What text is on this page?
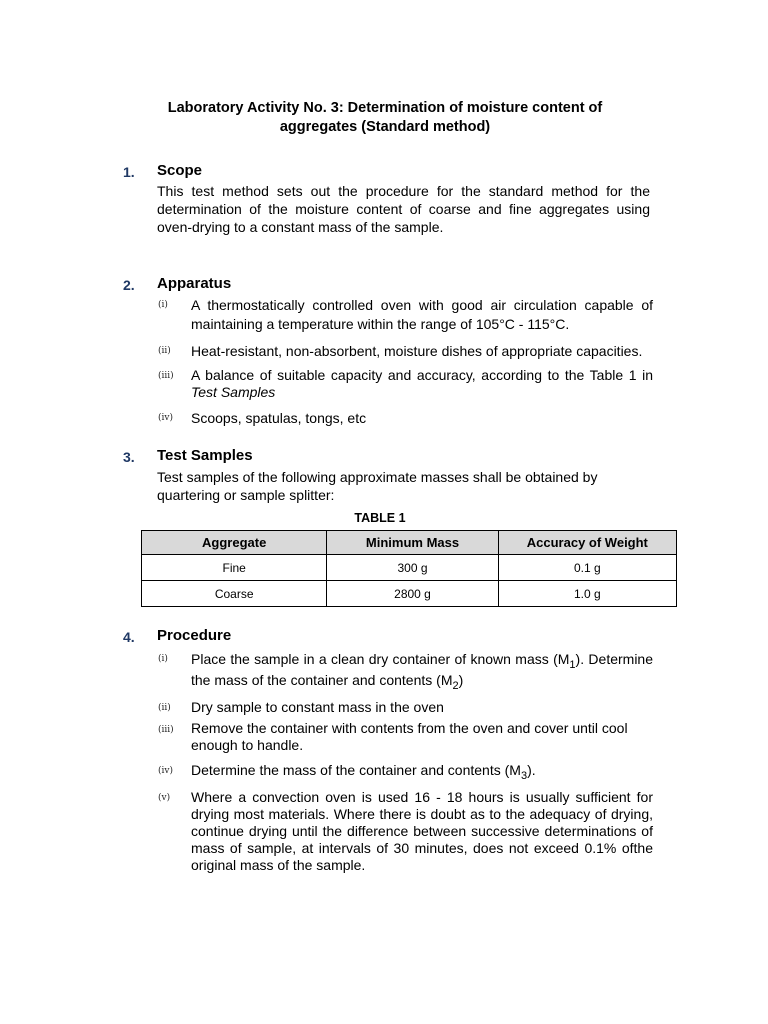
Laboratory Activity No. 3: Determination of moisture content of
aggregates (Standard method)
1. Scope
This test method sets out the procedure for the standard method for the determination of the moisture content of coarse and fine aggregates using oven-drying to a constant mass of the sample.
2. Apparatus
(i) A thermostatically controlled oven with good air circulation capable of maintaining a temperature within the range of 105°C - 115°C.
(ii) Heat-resistant, non-absorbent, moisture dishes of appropriate capacities.
(iii) A balance of suitable capacity and accuracy, according to the Table 1 in Test Samples
(iv) Scoops, spatulas, tongs, etc
3. Test Samples
Test samples of the following approximate masses shall be obtained by quartering or sample splitter:
TABLE 1
Aggregate	Minimum Mass	Accuracy of Weight
Fine	300 g	0.1 g
Coarse	2800 g	1.0 g
4. Procedure
(i) Place the sample in a clean dry container of known mass $(M_1)$. Determine the mass of the container and contents $(M_2)$
(ii) Dry sample to constant mass in the oven
(iii) Remove the container with contents from the oven and cover until cool enough to handle.
(iv) Determine the mass of the container and contents $(M_3)$.
(v) Where a convection oven is used 16 - 18 hours is usually sufficient for drying most materials. Where there is doubt as to the adequacy of drying, continue drying until the difference between successive determinations of mass of sample, at intervals of 30 minutes, does not exceed 0.1% ofthe original mass of the sample.
